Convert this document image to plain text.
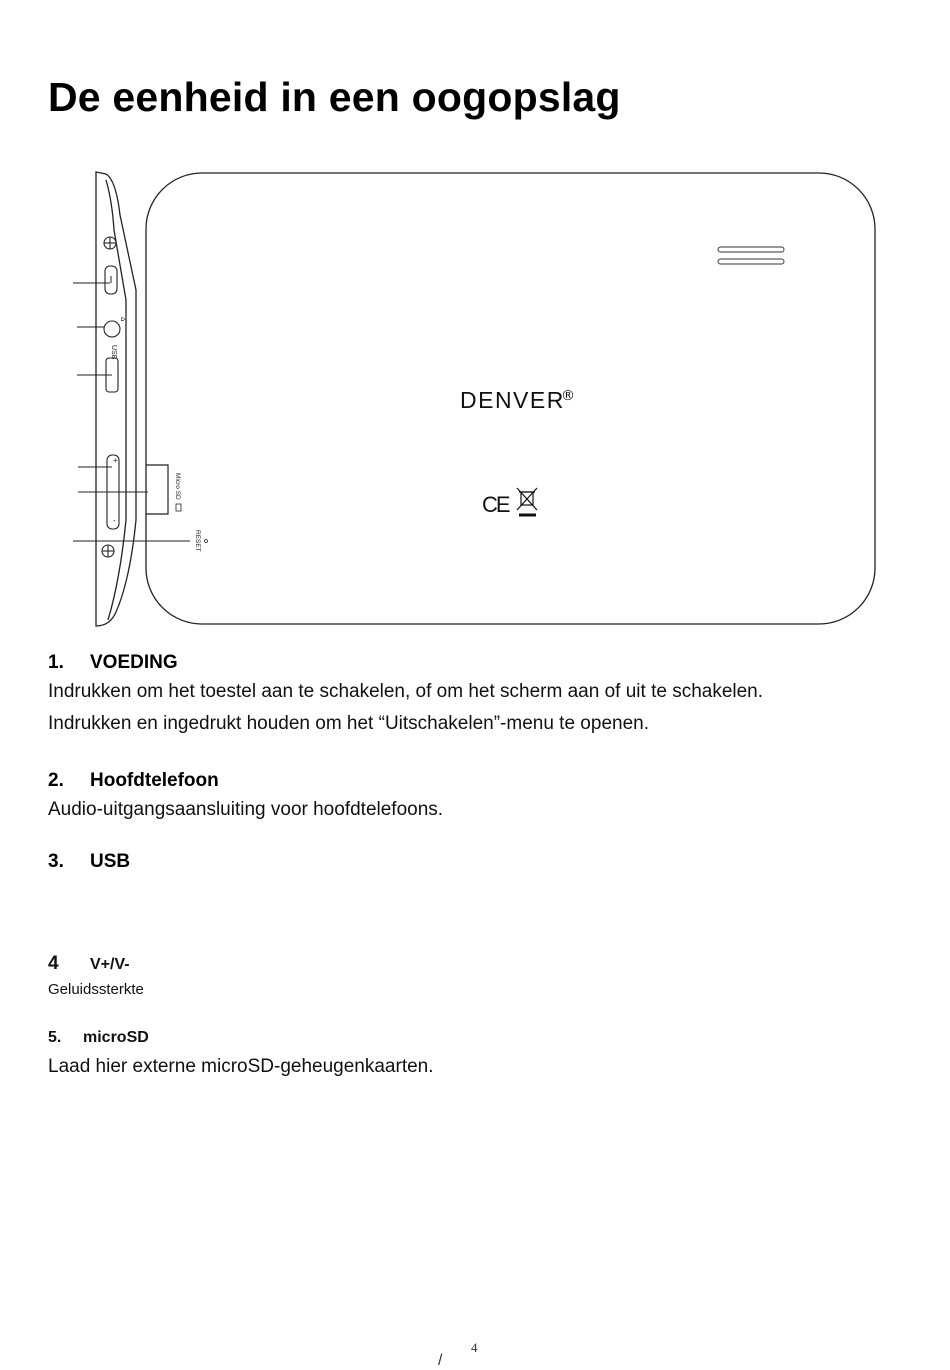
De eenheid in een oogopslag
⌂
USB
+
-
Micro SD
RESET
DENVER
®
CE
1.	VOEDING
Indrukken om het toestel aan te schakelen, of om het scherm aan of uit te schakelen.
Indrukken en ingedrukt houden om het “Uitschakelen”-menu te openen.
2.	Hoofdtelefoon
Audio-uitgangsaansluiting voor hoofdtelefoons.
3.	USB
4	V+/V-
Geluidssterkte
5.	microSD
Laad hier externe microSD-geheugenkaarten.
4
/
